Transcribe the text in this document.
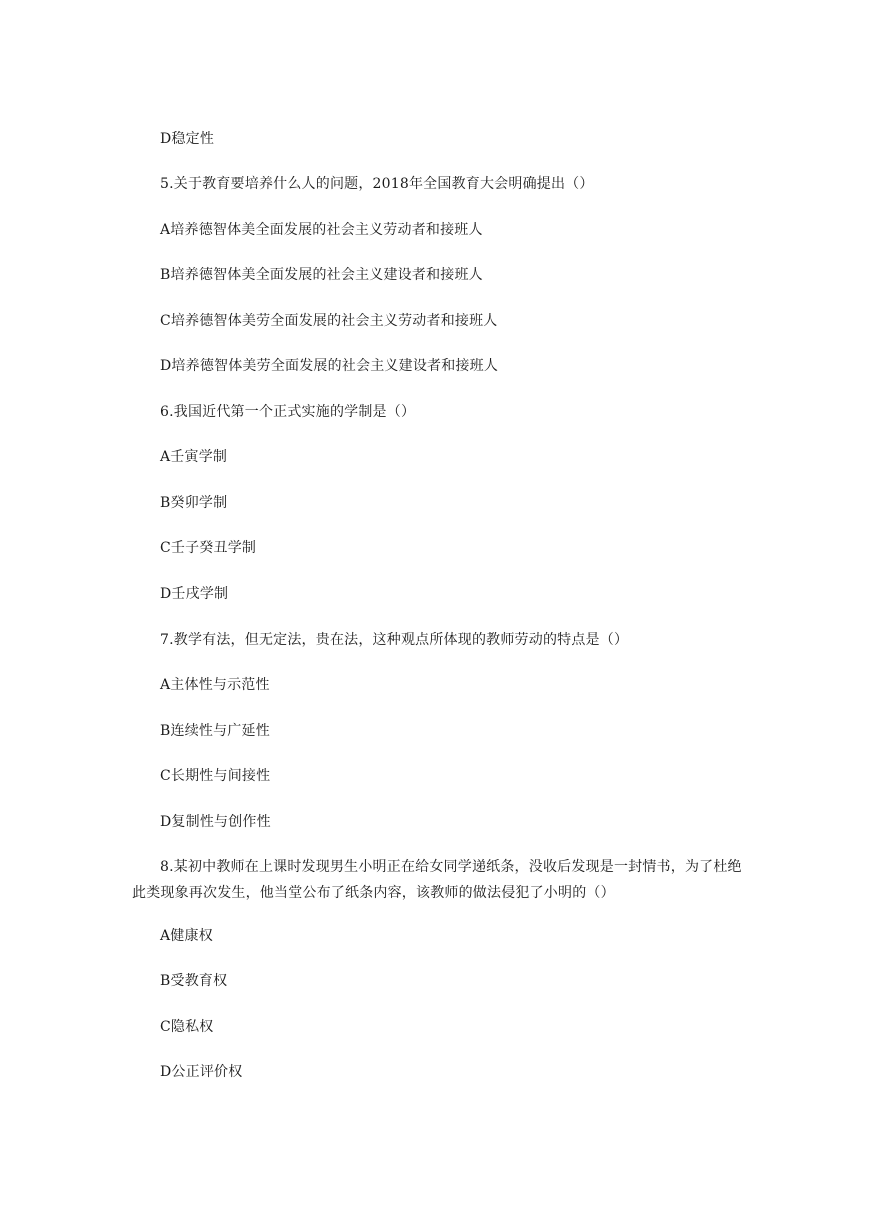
D稳定性
5.关于教育要培养什么人的问题，2018年全国教育大会明确提出（）
A培养德智体美全面发展的社会主义劳动者和接班人
B培养德智体美全面发展的社会主义建设者和接班人
C培养德智体美劳全面发展的社会主义劳动者和接班人
D培养德智体美劳全面发展的社会主义建设者和接班人
6.我国近代第一个正式实施的学制是（）
A壬寅学制
B癸卯学制
C壬子癸丑学制
D壬戌学制
7.教学有法，但无定法，贵在法，这种观点所体现的教师劳动的特点是（）
A主体性与示范性
B连续性与广延性
C长期性与间接性
D复制性与创作性
8.某初中教师在上课时发现男生小明正在给女同学递纸条，没收后发现是一封情书，为了杜绝此类现象再次发生，他当堂公布了纸条内容，该教师的做法侵犯了小明的（）
A健康权
B受教育权
C隐私权
D公正评价权
